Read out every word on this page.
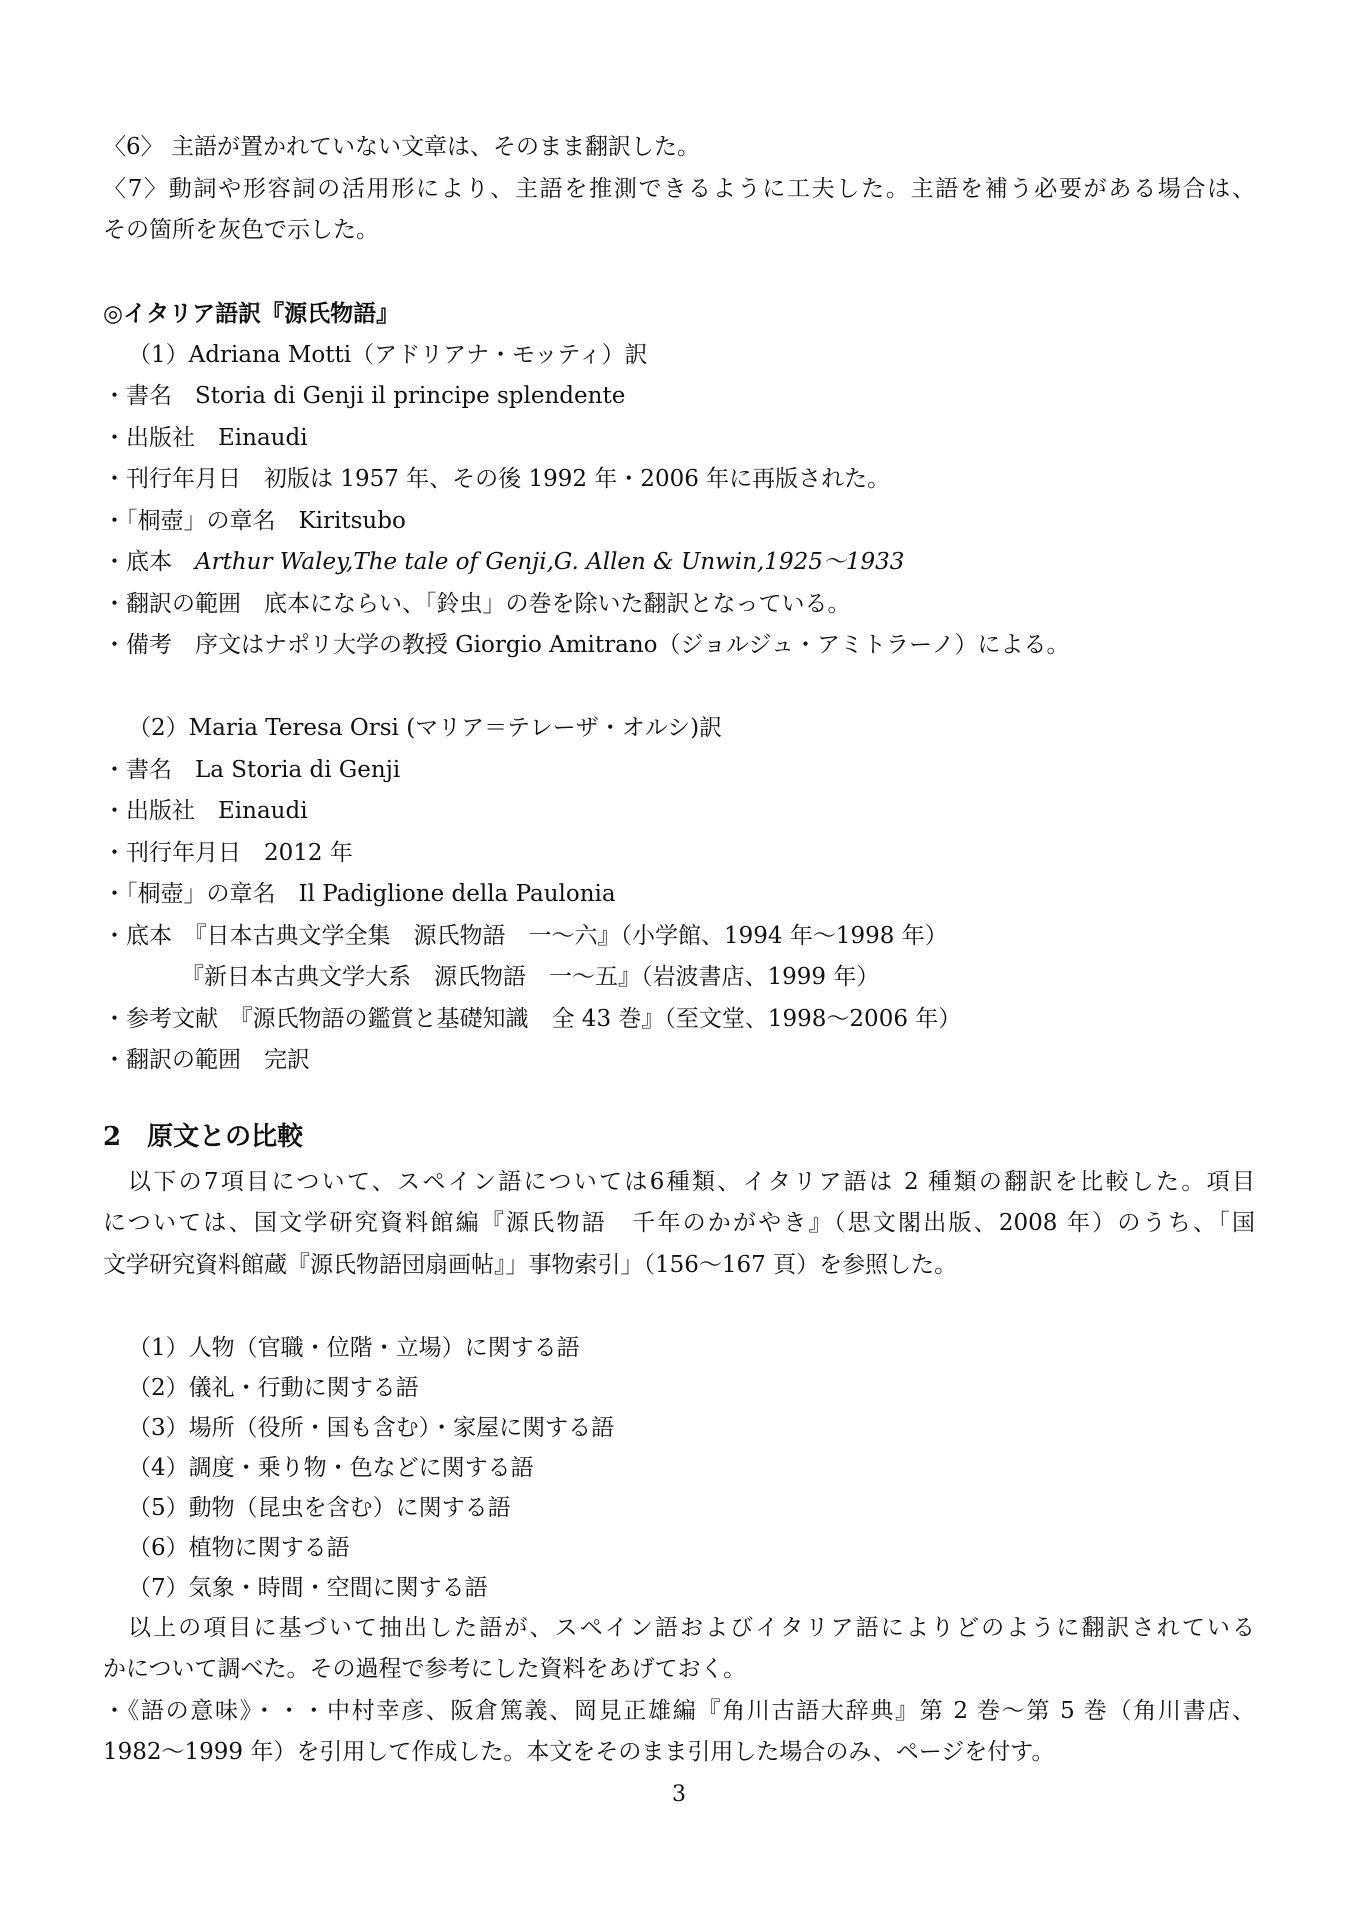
〈6〉 主語が置かれていない文章は、そのまま翻訳した。
〈7〉動詞や形容詞の活用形により、主語を推測できるように工夫した。主語を補う必要がある場合は、
その箇所を灰色で示した。
◎イタリア語訳『源氏物語』
（1）Adriana Motti（アドリアナ・モッティ）訳
・書名　Storia di Genji il principe splendente
・出版社　Einaudi
・刊行年月日　初版は 1957 年、その後 1992 年・2006 年に再版された。
・「桐壺」の章名　Kiritsubo
・底本　Arthur Waley,The tale of Genji,G. Allen & Unwin,1925～1933
・翻訳の範囲　底本にならい、「鈴虫」の巻を除いた翻訳となっている。
・備考　序文はナポリ大学の教授 Giorgio Amitrano（ジョルジュ・アミトラーノ）による。
（2）Maria Teresa Orsi (マリア＝テレーザ・オルシ)訳
・書名　La Storia di Genji
・出版社　Einaudi
・刊行年月日　2012 年
・「桐壺」の章名　Il Padiglione della Paulonia
・底本　『日本古典文学全集　源氏物語　一～六』（小学館、1994 年～1998 年）
『新日本古典文学大系　源氏物語　一～五』（岩波書店、1999 年）
・参考文献　『源氏物語の鑑賞と基礎知識　全 43 巻』（至文堂、1998～2006 年）
・翻訳の範囲　完訳
2　原文との比較
以下の7項目について、スペイン語については6種類、イタリア語は 2 種類の翻訳を比較した。項目
については、国文学研究資料館編『源氏物語　千年のかがやき』（思文閣出版、2008 年）のうち、「国
文学研究資料館蔵『源氏物語団扇画帖』」事物索引」（156～167 頁）を参照した。
（1）人物（官職・位階・立場）に関する語
（2）儀礼・行動に関する語
（3）場所（役所・国も含む）・家屋に関する語
（4）調度・乗り物・色などに関する語
（5）動物（昆虫を含む）に関する語
（6）植物に関する語
（7）気象・時間・空間に関する語
以上の項目に基づいて抽出した語が、スペイン語およびイタリア語によりどのように翻訳されている
かについて調べた。その過程で参考にした資料をあげておく。
・《語の意味》・・・中村幸彦、阪倉篤義、岡見正雄編『角川古語大辞典』第 2 巻～第 5 巻（角川書店、
1982～1999 年）を引用して作成した。本文をそのまま引用した場合のみ、ページを付す。
3
